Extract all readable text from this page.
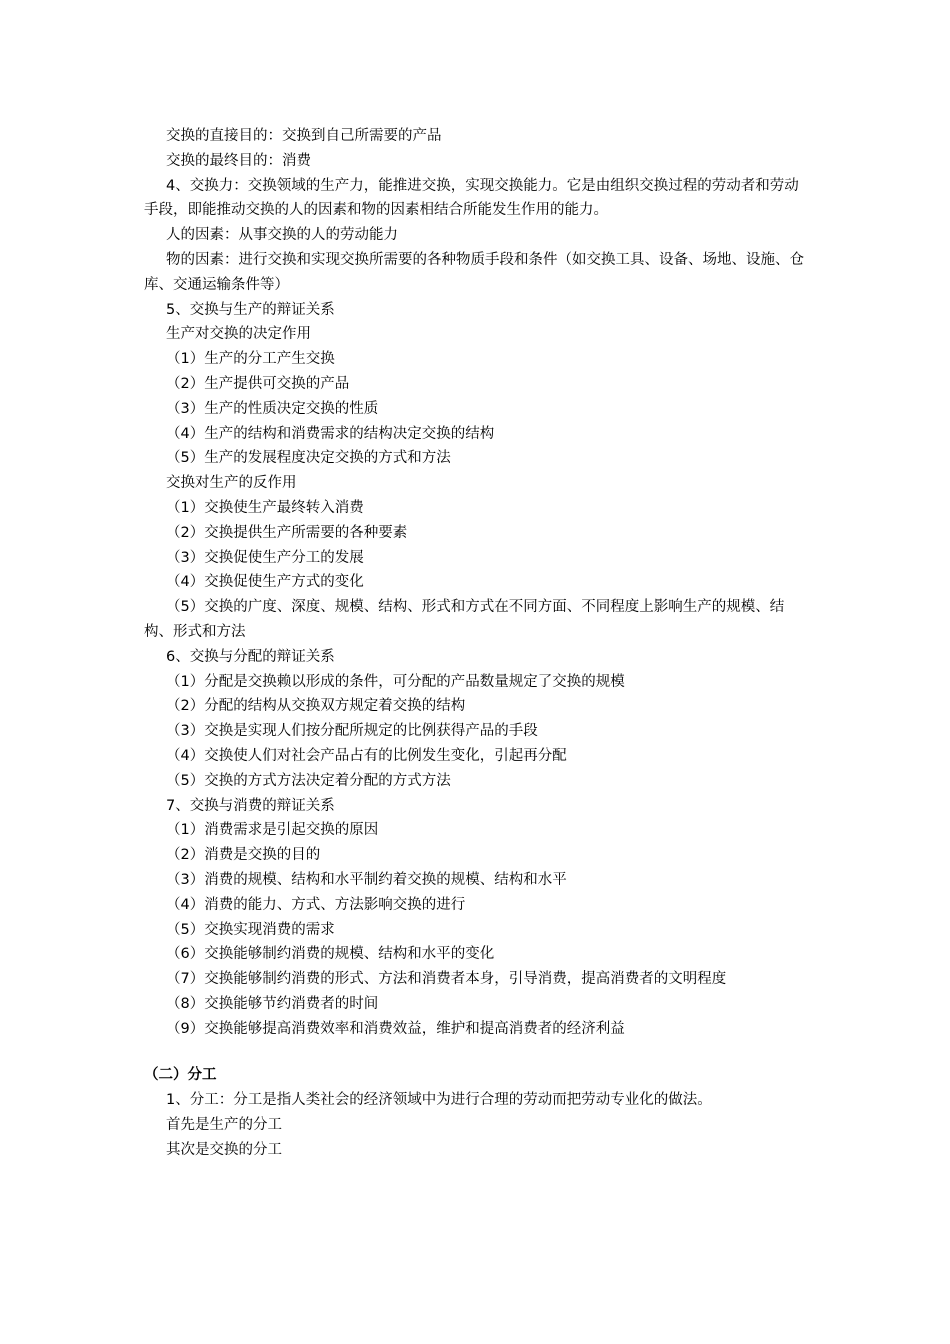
交换的直接目的：交换到自己所需要的产品

交换的最终目的：消费

4、交换力：交换领域的生产力，能推进交换，实现交换能力。它是由组织交换过程的劳动者和劳动手段，即能推动交换的人的因素和物的因素相结合所能发生作用的能力。

人的因素：从事交换的人的劳动能力

物的因素：进行交换和实现交换所需要的各种物质手段和条件（如交换工具、设备、场地、设施、仓库、交通运输条件等）

5、交换与生产的辩证关系

生产对交换的决定作用

（1）生产的分工产生交换

（2）生产提供可交换的产品

（3）生产的性质决定交换的性质

（4）生产的结构和消费需求的结构决定交换的结构

（5）生产的发展程度决定交换的方式和方法

交换对生产的反作用

（1）交换使生产最终转入消费

（2）交换提供生产所需要的各种要素

（3）交换促使生产分工的发展

（4）交换促使生产方式的变化

（5）交换的广度、深度、规模、结构、形式和方式在不同方面、不同程度上影响生产的规模、结构、形式和方法

6、交换与分配的辩证关系

（1）分配是交换赖以形成的条件，可分配的产品数量规定了交换的规模

（2）分配的结构从交换双方规定着交换的结构

（3）交换是实现人们按分配所规定的比例获得产品的手段

（4）交换使人们对社会产品占有的比例发生变化，引起再分配

（5）交换的方式方法决定着分配的方式方法

7、交换与消费的辩证关系

（1）消费需求是引起交换的原因

（2）消费是交换的目的

（3）消费的规模、结构和水平制约着交换的规模、结构和水平

（4）消费的能力、方式、方法影响交换的进行

（5）交换实现消费的需求

（6）交换能够制约消费的规模、结构和水平的变化

（7）交换能够制约消费的形式、方法和消费者本身，引导消费，提高消费者的文明程度

（8）交换能够节约消费者的时间

（9）交换能够提高消费效率和消费效益，维护和提高消费者的经济利益

（二）分工

1、分工：分工是指人类社会的经济领域中为进行合理的劳动而把劳动专业化的做法。

首先是生产的分工

其次是交换的分工
